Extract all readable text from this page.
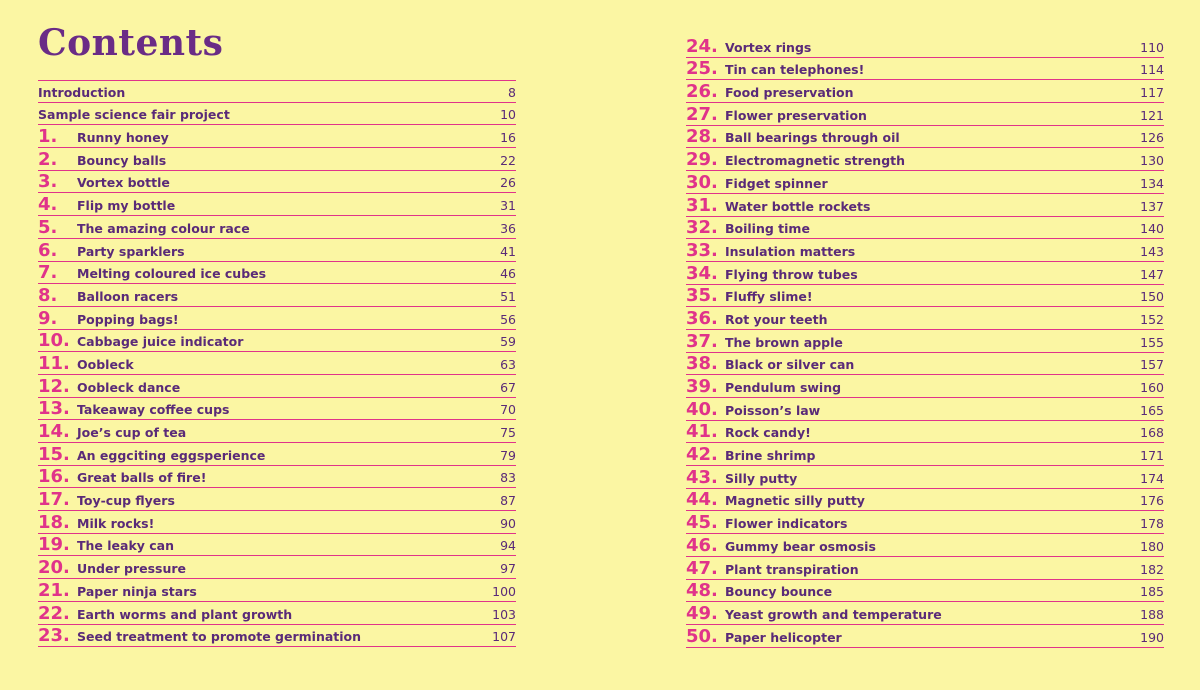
Contents
Introduction	8
Sample science fair project	10
1.	Runny honey	16
2.	Bouncy balls	22
3.	Vortex bottle	26
4.	Flip my bottle	31
5.	The amazing colour race	36
6.	Party sparklers	41
7.	Melting coloured ice cubes	46
8.	Balloon racers	51
9.	Popping bags!	56
10. Cabbage juice indicator	59
11. Oobleck	63
12. Oobleck dance	67
13. Takeaway coffee cups	70
14. Joe’s cup of tea	75
15. An eggciting eggsperience	79
16. Great balls of fire!	83
17. Toy-cup flyers	87
18. Milk rocks!	90
19. The leaky can	94
20. Under pressure	97
21. Paper ninja stars	100
22. Earth worms and plant growth	103
23. Seed treatment to promote germination	107
24. Vortex rings	110
25. Tin can telephones!	114
26. Food preservation	117
27. Flower preservation	121
28. Ball bearings through oil	126
29. Electromagnetic strength	130
30. Fidget spinner	134
31. Water bottle rockets	137
32. Boiling time	140
33. Insulation matters	143
34. Flying throw tubes	147
35. Fluffy slime!	150
36. Rot your teeth	152
37. The brown apple	155
38. Black or silver can	157
39. Pendulum swing	160
40. Poisson’s law	165
41. Rock candy!	168
42. Brine shrimp	171
43. Silly putty	174
44. Magnetic silly putty	176
45. Flower indicators	178
46. Gummy bear osmosis	180
47. Plant transpiration	182
48. Bouncy bounce	185
49. Yeast growth and temperature	188
50. Paper helicopter	190
